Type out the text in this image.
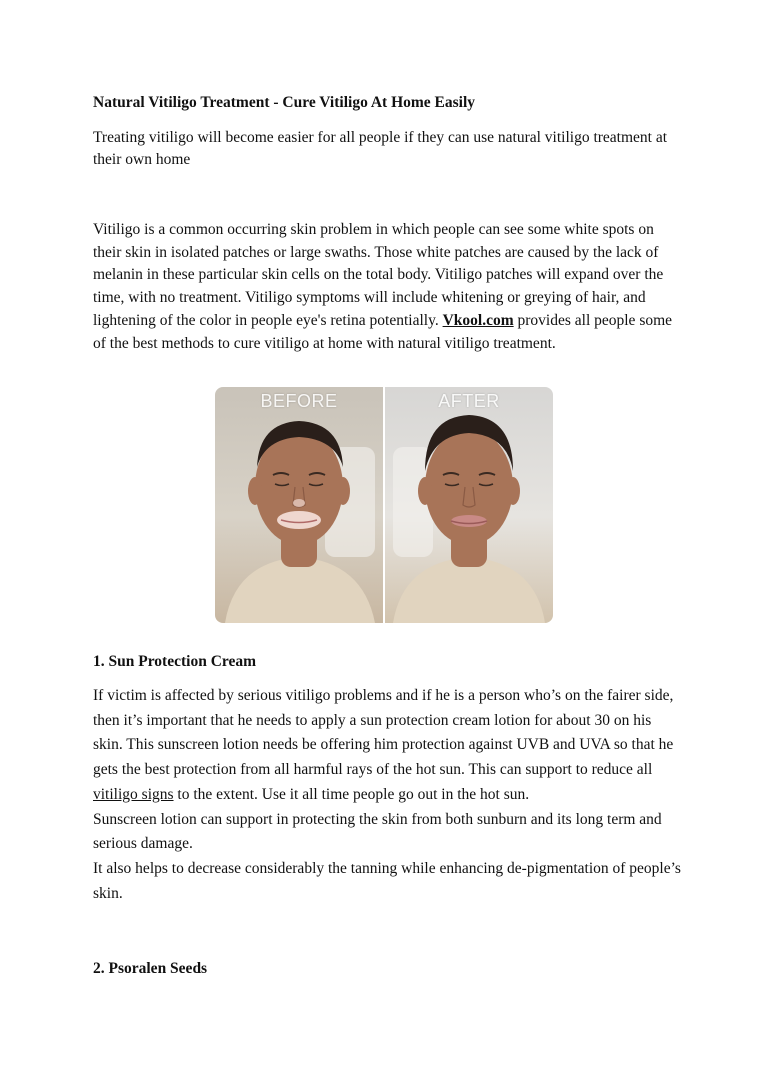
Natural Vitiligo Treatment - Cure Vitiligo At Home Easily

Treating vitiligo will become easier for all people if they can use natural vitiligo treatment at their own home

Vitiligo is a common occurring skin problem in which people can see some white spots on their skin in isolated patches or large swaths. Those white patches are caused by the lack of melanin in these particular skin cells on the total body. Vitiligo patches will expand over the time, with no treatment. Vitiligo symptoms will include whitening or greying of hair, and lightening of the color in people eye's retina potentially. Vkool.com provides all people some of the best methods to cure vitiligo at home with natural vitiligo treatment.

BEFORE	AFTER
1. Sun Protection Cream

If victim is affected by serious vitiligo problems and if he is a person who’s on the fairer side, then it’s important that he needs to apply a sun protection cream lotion for about 30 on his skin. This sunscreen lotion needs be offering him protection against UVB and UVA so that he gets the best protection from all harmful rays of the hot sun. This can support to reduce all vitiligo signs to the extent. Use it all time people go out in the hot sun.

Sunscreen lotion can support in protecting the skin from both sunburn and its long term and serious damage.

It also helps to decrease considerably the tanning while enhancing de-pigmentation of people’s skin.

2. Psoralen Seeds
